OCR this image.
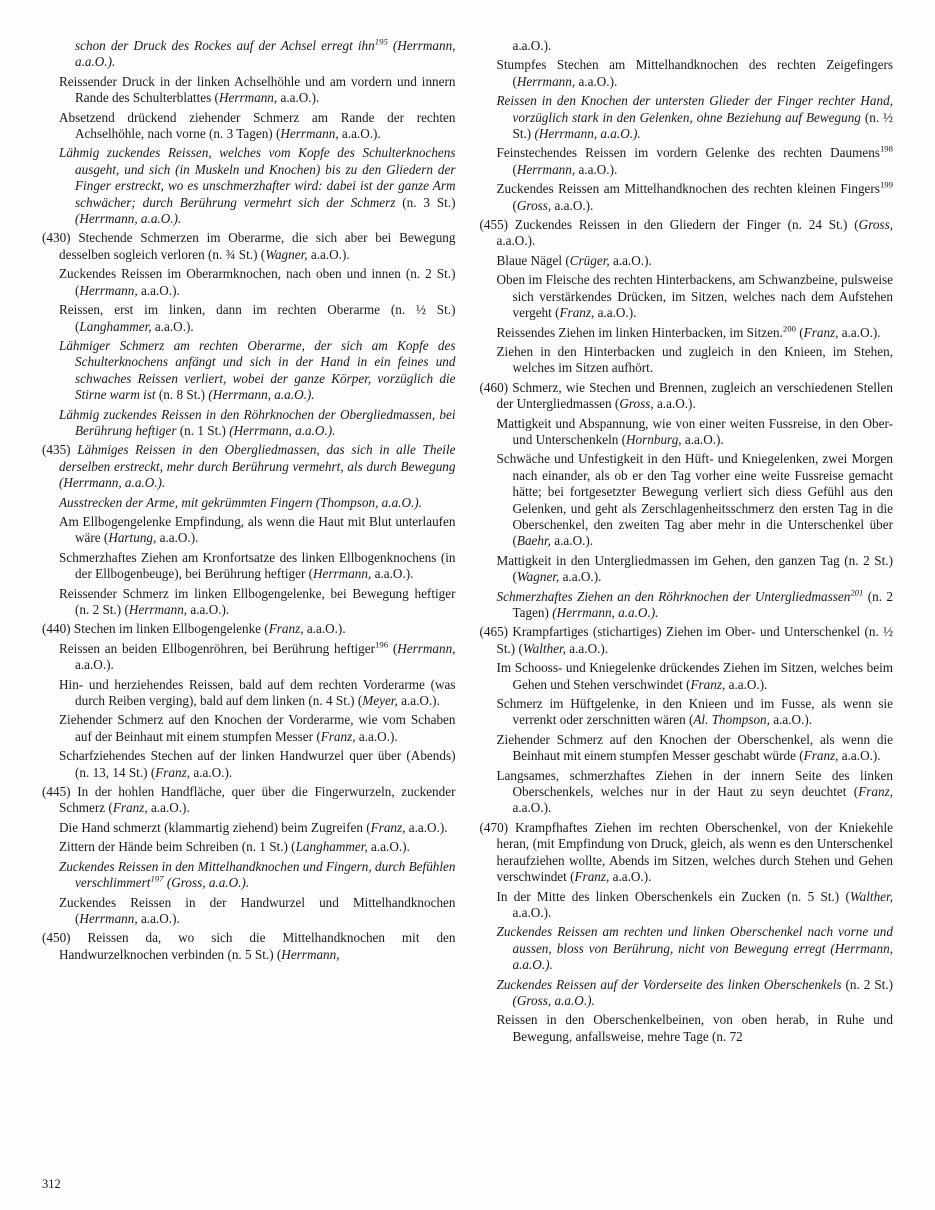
schon der Druck des Rockes auf der Achsel erregt ihn$^{195}$ (Herrmann, a.a.O.).
Reissender Druck in der linken Achselhöhle und am vordern und innern Rande des Schulterblattes (Herrmann, a.a.O.).
Absetzend drückend ziehender Schmerz am Rande der rechten Achselhöhle, nach vorne (n. 3 Tagen) (Herrmann, a.a.O.).
Lähmig zuckendes Reissen, welches vom Kopfe des Schulterknochens ausgeht, und sich (in Muskeln und Knochen) bis zu den Gliedern der Finger erstreckt, wo es unschmerzhafter wird: dabei ist der ganze Arm schwächer; durch Berührung vermehrt sich der Schmerz (n. 3 St.) (Herrmann, a.a.O.).
(430) Stechende Schmerzen im Oberarme, die sich aber bei Bewegung desselben sogleich verloren (n. ¾ St.) (Wagner, a.a.O.).
Zuckendes Reissen im Oberarmknochen, nach oben und innen (n. 2 St.) (Herrmann, a.a.O.).
Reissen, erst im linken, dann im rechten Oberarme (n. ½ St.) (Langhammer, a.a.O.).
Lähmiger Schmerz am rechten Oberarme, der sich am Kopfe des Schulterknochens anfängt und sich in der Hand in ein feines und schwaches Reissen verliert, wobei der ganze Körper, vorzüglich die Stirne warm ist (n. 8 St.) (Herrmann, a.a.O.).
Lähmig zuckendes Reissen in den Röhrknochen der Obergliedmassen, bei Berührung heftiger (n. 1 St.) (Herrmann, a.a.O.).
(435) Lähmiges Reissen in den Obergliedmassen, das sich in alle Theile derselben erstreckt, mehr durch Berührung vermehrt, als durch Bewegung (Herrmann, a.a.O.).
Ausstrecken der Arme, mit gekrümmten Fingern (Thompson, a.a.O.).
Am Ellbogengelenke Empfindung, als wenn die Haut mit Blut unterlaufen wäre (Hartung, a.a.O.).
Schmerzhaftes Ziehen am Kronfortsatze des linken Ellbogenknochens (in der Ellbogenbeuge), bei Berührung heftiger (Herrmann, a.a.O.).
Reissender Schmerz im linken Ellbogengelenke, bei Bewegung heftiger (n. 2 St.) (Herrmann, a.a.O.).
(440) Stechen im linken Ellbogengelenke (Franz, a.a.O.).
Reissen an beiden Ellbogenröhren, bei Berührung heftiger$^{196}$ (Herrmann, a.a.O.).
Hin- und herziehendes Reissen, bald auf dem rechten Vorderarme (was durch Reiben verging), bald auf dem linken (n. 4 St.) (Meyer, a.a.O.).
Ziehender Schmerz auf den Knochen der Vorderarme, wie vom Schaben auf der Beinhaut mit einem stumpfen Messer (Franz, a.a.O.).
Scharfziehendes Stechen auf der linken Handwurzel quer über (Abends) (n. 13, 14 St.) (Franz, a.a.O.).
(445) In der hohlen Handfläche, quer über die Fingerwurzeln, zuckender Schmerz (Franz, a.a.O.).
Die Hand schmerzt (klammartig ziehend) beim Zugreifen (Franz, a.a.O.).
Zittern der Hände beim Schreiben (n. 1 St.) (Langhammer, a.a.O.).
Zuckendes Reissen in den Mittelhandknochen und Fingern, durch Befühlen verschlimmert$^{197}$ (Gross, a.a.O.).
Zuckendes Reissen in der Handwurzel und Mittelhandknochen (Herrmann, a.a.O.).
(450) Reissen da, wo sich die Mittelhandknochen mit den Handwurzelknochen verbinden (n. 5 St.) (Herrmann,
a.a.O.).
Stumpfes Stechen am Mittelhandknochen des rechten Zeigefingers (Herrmann, a.a.O.).
Reissen in den Knochen der untersten Glieder der Finger rechter Hand, vorzüglich stark in den Gelenken, ohne Beziehung auf Bewegung (n. ½ St.) (Herrmann, a.a.O.).
Feinstechendes Reissen im vordern Gelenke des rechten Daumens$^{198}$ (Herrmann, a.a.O.).
Zuckendes Reissen am Mittelhandknochen des rechten kleinen Fingers$^{199}$ (Gross, a.a.O.).
(455) Zuckendes Reissen in den Gliedern der Finger (n. 24 St.) (Gross, a.a.O.).
Blaue Nägel (Crüger, a.a.O.).
Oben im Fleische des rechten Hinterbackens, am Schwanzbeine, pulsweise sich verstärkendes Drücken, im Sitzen, welches nach dem Aufstehen vergeht (Franz, a.a.O.).
Reissendes Ziehen im linken Hinterbacken, im Sitzen.$^{200}$ (Franz, a.a.O.).
Ziehen in den Hinterbacken und zugleich in den Knieen, im Stehen, welches im Sitzen aufhört.
(460) Schmerz, wie Stechen und Brennen, zugleich an verschiedenen Stellen der Untergliedmassen (Gross, a.a.O.).
Mattigkeit und Abspannung, wie von einer weiten Fussreise, in den Ober- und Unterschenkeln (Hornburg, a.a.O.).
Schwäche und Unfestigkeit in den Hüft- und Kniegelenken, zwei Morgen nach einander, als ob er den Tag vorher eine weite Fussreise gemacht hätte; bei fortgesetzter Bewegung verliert sich diess Gefühl aus den Gelenken, und geht als Zerschlagenheitsschmerz den ersten Tag in die Oberschenkel, den zweiten Tag aber mehr in die Unterschenkel über (Baehr, a.a.O.).
Mattigkeit in den Untergliedmassen im Gehen, den ganzen Tag (n. 2 St.) (Wagner, a.a.O.).
Schmerzhaftes Ziehen an den Röhrknochen der Untergliedmassen$^{201}$ (n. 2 Tagen) (Herrmann, a.a.O.).
(465) Krampfartiges (stichartiges) Ziehen im Ober- und Unterschenkel (n. ½ St.) (Walther, a.a.O.).
Im Schooss- und Kniegelenke drückendes Ziehen im Sitzen, welches beim Gehen und Stehen verschwindet (Franz, a.a.O.).
Schmerz im Hüftgelenke, in den Knieen und im Fusse, als wenn sie verrenkt oder zerschnitten wären (Al. Thompson, a.a.O.).
Ziehender Schmerz auf den Knochen der Oberschenkel, als wenn die Beinhaut mit einem stumpfen Messer geschabt würde (Franz, a.a.O.).
Langsames, schmerzhaftes Ziehen in der innern Seite des linken Oberschenkels, welches nur in der Haut zu seyn deuchtet (Franz, a.a.O.).
(470) Krampfhaftes Ziehen im rechten Oberschenkel, von der Kniekehle heran, (mit Empfindung von Druck, gleich, als wenn es den Unterschenkel heraufziehen wollte, Abends im Sitzen, welches durch Stehen und Gehen verschwindet (Franz, a.a.O.).
In der Mitte des linken Oberschenkels ein Zucken (n. 5 St.) (Walther, a.a.O.).
Zuckendes Reissen am rechten und linken Oberschenkel nach vorne und aussen, bloss von Berührung, nicht von Bewegung erregt (Herrmann, a.a.O.).
Zuckendes Reissen auf der Vorderseite des linken Oberschenkels (n. 2 St.) (Gross, a.a.O.).
Reissen in den Oberschenkelbeinen, von oben herab, in Ruhe und Bewegung, anfallsweise, mehre Tage (n. 72
312
